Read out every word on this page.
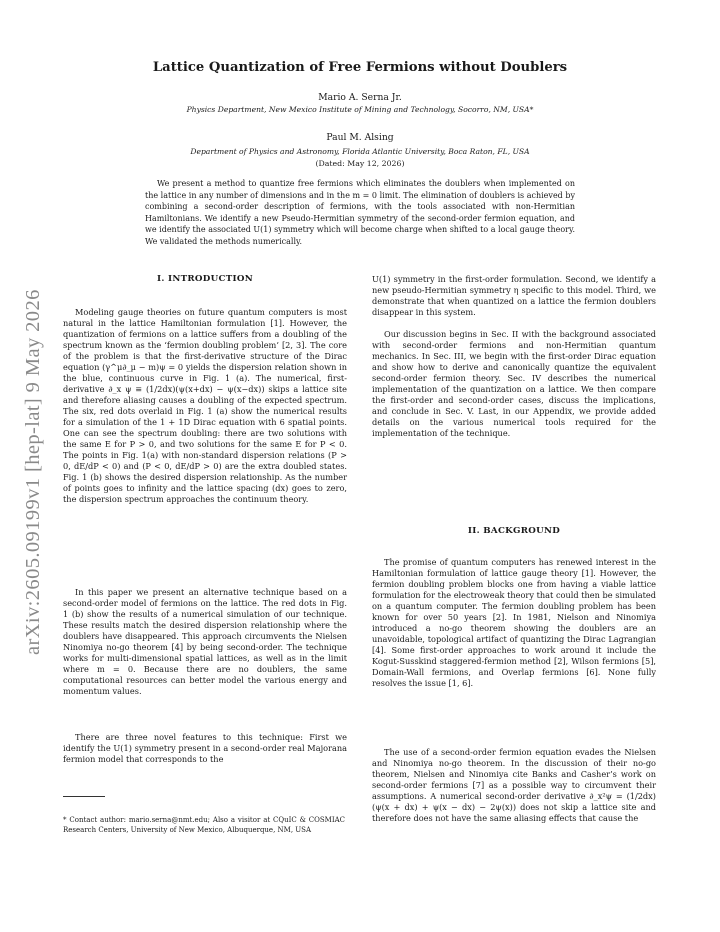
arXiv:2605.09199v1 [hep-lat] 9 May 2026
Lattice Quantization of Free Fermions without Doublers
Mario A. Serna Jr.
Physics Department, New Mexico Institute of Mining and Technology, Socorro, NM, USA*
Paul M. Alsing
Department of Physics and Astronomy, Florida Atlantic University, Boca Raton, FL, USA
(Dated: May 12, 2026)

We present a method to quantize free fermions which eliminates the doublers when implemented on the lattice in any number of dimensions and in the m = 0 limit. The elimination of doublers is achieved by combining a second-order description of fermions, with the tools associated with non-Hermitian Hamiltonians. We identify a new Pseudo-Hermitian symmetry of the second-order fermion equation, and we identify the associated U(1) symmetry which will become charge when shifted to a local gauge theory. We validated the methods numerically.

I. INTRODUCTION

Modeling gauge theories on future quantum computers is most natural in the lattice Hamiltonian formulation [1]. However, the quantization of fermions on a lattice suffers from a doubling of the spectrum known as the ‘fermion doubling problem’ [2, 3]. The core of the problem is that the first-derivative structure of the Dirac equation (γ^μ∂_μ − m)ψ = 0 yields the dispersion relation shown in the blue, continuous curve in Fig. 1 (a). The numerical, first-derivative ∂_x ψ ≡ (1/2dx)(ψ(x+dx) − ψ(x−dx)) skips a lattice site and therefore aliasing causes a doubling of the expected spectrum. The six, red dots overlaid in Fig. 1 (a) show the numerical results for a simulation of the 1 + 1D Dirac equation with 6 spatial points. One can see the spectrum doubling: there are two solutions with the same E for P > 0, and two solutions for the same E for P < 0. The points in Fig. 1(a) with non-standard dispersion relations (P > 0, dE/dP < 0) and (P < 0, dE/dP > 0) are the extra doubled states. Fig. 1 (b) shows the desired dispersion relationship. As the number of points goes to infinity and the lattice spacing (dx) goes to zero, the dispersion spectrum approaches the continuum theory.

In this paper we present an alternative technique based on a second-order model of fermions on the lattice. The red dots in Fig. 1 (b) show the results of a numerical simulation of our technique. These results match the desired dispersion relationship where the doublers have disappeared. This approach circumvents the Nielsen Ninomiya no-go theorem [4] by being second-order. The technique works for multi-dimensional spatial lattices, as well as in the limit where m = 0. Because there are no doublers, the same computational resources can better model the various energy and momentum values.

There are three novel features to this technique: First we identify the U(1) symmetry present in a second-order real Majorana fermion model that corresponds to the

* Contact author: mario.serna@nmt.edu; Also a visitor at CQuIC & COSMIAC Research Centers, University of New Mexico, Albuquerque, NM, USA

U(1) symmetry in the first-order formulation. Second, we identify a new pseudo-Hermitian symmetry η specific to this model. Third, we demonstrate that when quantized on a lattice the fermion doublers disappear in this system.

Our discussion begins in Sec. II with the background associated with second-order fermions and non-Hermitian quantum mechanics. In Sec. III, we begin with the first-order Dirac equation and show how to derive and canonically quantize the equivalent second-order fermion theory. Sec. IV describes the numerical implementation of the quantization on a lattice. We then compare the first-order and second-order cases, discuss the implications, and conclude in Sec. V. Last, in our Appendix, we provide added details on the various numerical tools required for the implementation of the technique.

II. BACKGROUND

The promise of quantum computers has renewed interest in the Hamiltonian formulation of lattice gauge theory [1]. However, the fermion doubling problem blocks one from having a viable lattice formulation for the electroweak theory that could then be simulated on a quantum computer. The fermion doubling problem has been known for over 50 years [2]. In 1981, Nielson and Ninomiya introduced a no-go theorem showing the doublers are an unavoidable, topological artifact of quantizing the Dirac Lagrangian [4]. Some first-order approaches to work around it include the Kogut-Susskind staggered-fermion method [2], Wilson fermions [5], Domain-Wall fermions, and Overlap fermions [6]. None fully resolves the issue [1, 6].

The use of a second-order fermion equation evades the Nielsen and Ninomiya no-go theorem. In the discussion of their no-go theorem, Nielsen and Ninomiya cite Banks and Casher’s work on second-order fermions [7] as a possible way to circumvent their assumptions. A numerical second-order derivative ∂_x²ψ = (1/2dx)(ψ(x + dx) + ψ(x − dx) − 2ψ(x)) does not skip a lattice site and therefore does not have the same aliasing effects that cause the
